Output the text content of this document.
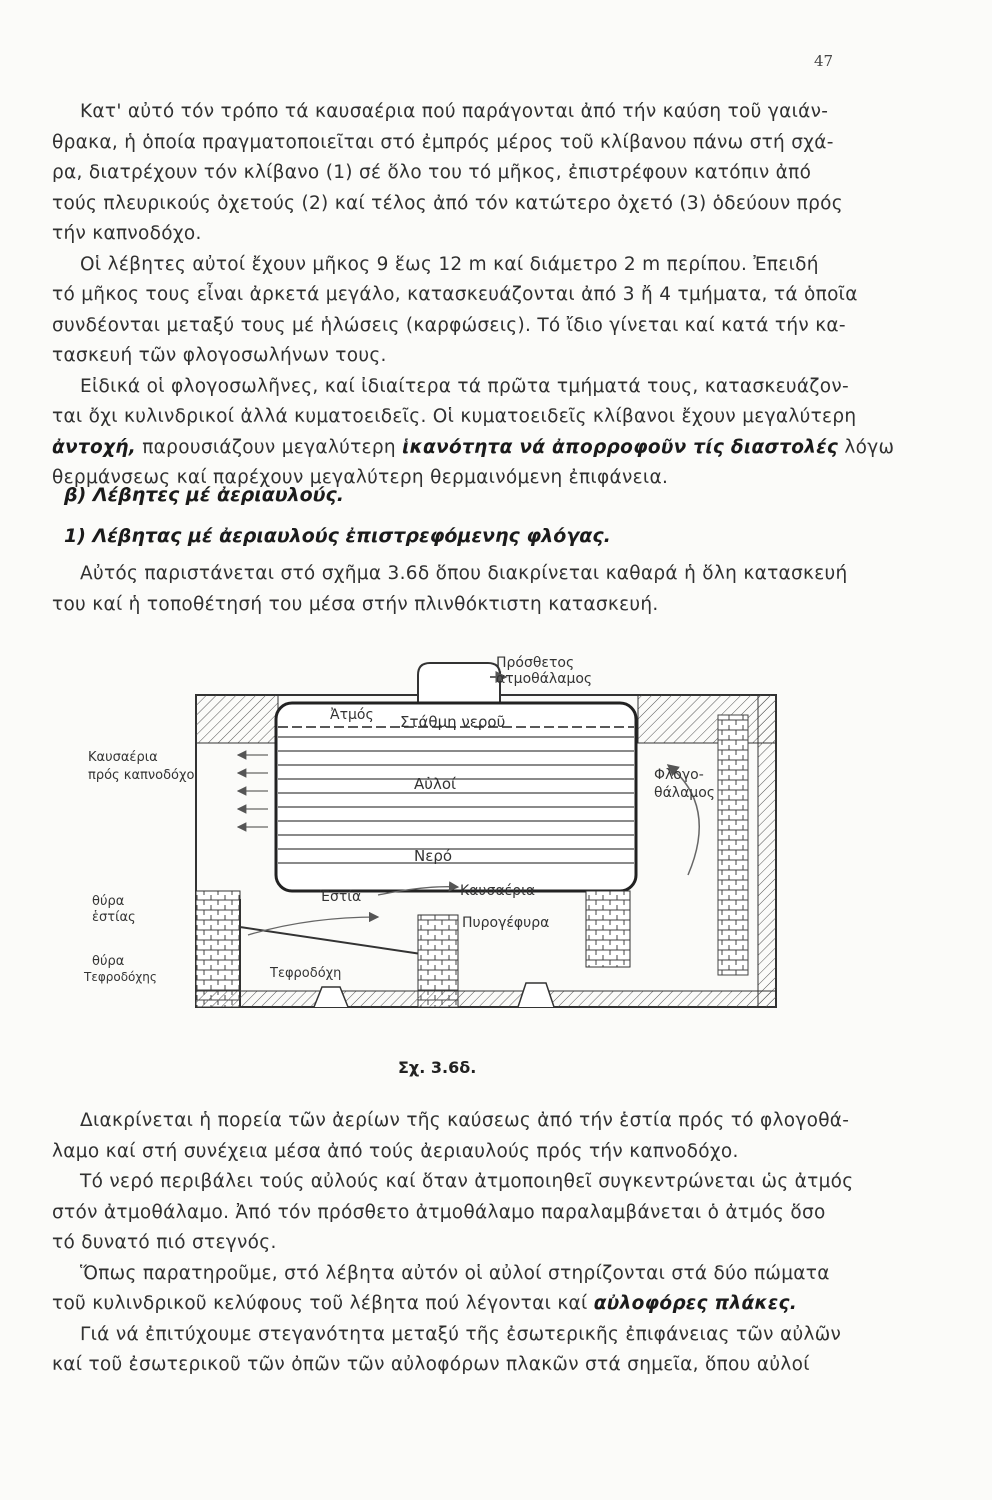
47
Κατ' αὐτό τόν τρόπο τά καυσαέρια πού παράγονται ἀπό τήν καύση τοῦ γαιάν-
θρακα, ἡ ὁποία πραγματοποιεῖται στό ἐμπρός μέρος τοῦ κλίβανου πάνω στή σχά-
ρα, διατρέχουν τόν κλίβανο (1) σέ ὅλο του τό μῆκος, ἐπιστρέφουν κατόπιν ἀπό
τούς πλευρικούς ὀχετούς (2) καί τέλος ἀπό τόν κατώτερο ὀχετό (3) ὁδεύουν πρός
τήν καπνοδόχο.
Οἱ λέβητες αὐτοί ἔχουν μῆκος 9 ἕως 12 m καί διάμετρο 2 m περίπου. Ἐπειδή
τό μῆκος τους εἶναι ἀρκετά μεγάλο, κατασκευάζονται ἀπό 3 ἤ 4 τμήματα, τά ὁποῖα
συνδέονται μεταξύ τους μέ ἡλώσεις (καρφώσεις). Τό ἴδιο γίνεται καί κατά τήν κα-
τασκευή τῶν φλογοσωλήνων τους.
Εἰδικά οἱ φλογοσωλῆνες, καί ἰδιαίτερα τά πρῶτα τμήματά τους, κατασκευάζον-
ται ὄχι κυλινδρικοί ἀλλά κυματοειδεῖς. Οἱ κυματοειδεῖς κλίβανοι ἔχουν μεγαλύτερη
ἀντοχή, παρουσιάζουν μεγαλύτερη ἱκανότητα νά ἀπορροφοῦν τίς διαστολές λόγω
θερμάνσεως καί παρέχουν μεγαλύτερη θερμαινόμενη ἐπιφάνεια.
β) Λέβητες μέ ἀεριαυλούς.
1) Λέβητας μέ ἀεριαυλούς ἐπιστρεφόμενης φλόγας.
Αὐτός παριστάνεται στό σχῆμα 3.6δ ὅπου διακρίνεται καθαρά ἡ ὅλη κατασκευή
του καί ἡ τοποθέτησή του μέσα στήν πλινθόκτιστη κατασκευή.
Πρόσθετος
ἀτμοθάλαμος
Ἀτμός Στάθμη νεροῦ
Αὐλοί
Νερό
Καυσαέρια
πρός καπνοδόχο	Φλογο-
θάλαμος
Ἑστία	Καυσαέρια
Πυρογέφυρα
θύρα
ἑστίας
θύρα
Τεφροδόχης	Τεφροδόχη
Σχ. 3.6δ.
Διακρίνεται ἡ πορεία τῶν ἀερίων τῆς καύσεως ἀπό τήν ἑστία πρός τό φλογοθά-
λαμο καί στή συνέχεια μέσα ἀπό τούς ἀεριαυλούς πρός τήν καπνοδόχο.
Τό νερό περιβάλει τούς αὐλούς καί ὅταν ἀτμοποιηθεῖ συγκεντρώνεται ὡς ἀτμός
στόν ἀτμοθάλαμο. Ἀπό τόν πρόσθετο ἀτμοθάλαμο παραλαμβάνεται ὁ ἀτμός ὅσο
τό δυνατό πιό στεγνός.
Ὅπως παρατηροῦμε, στό λέβητα αὐτόν οἱ αὐλοί στηρίζονται στά δύο πώματα
τοῦ κυλινδρικοῦ κελύφους τοῦ λέβητα πού λέγονται καί αὐλοφόρες πλάκες.
Γιά νά ἐπιτύχουμε στεγανότητα μεταξύ τῆς ἐσωτερικῆς ἐπιφάνειας τῶν αὐλῶν
καί τοῦ ἐσωτερικοῦ τῶν ὀπῶν τῶν αὐλοφόρων πλακῶν στά σημεῖα, ὅπου αὐλοί
